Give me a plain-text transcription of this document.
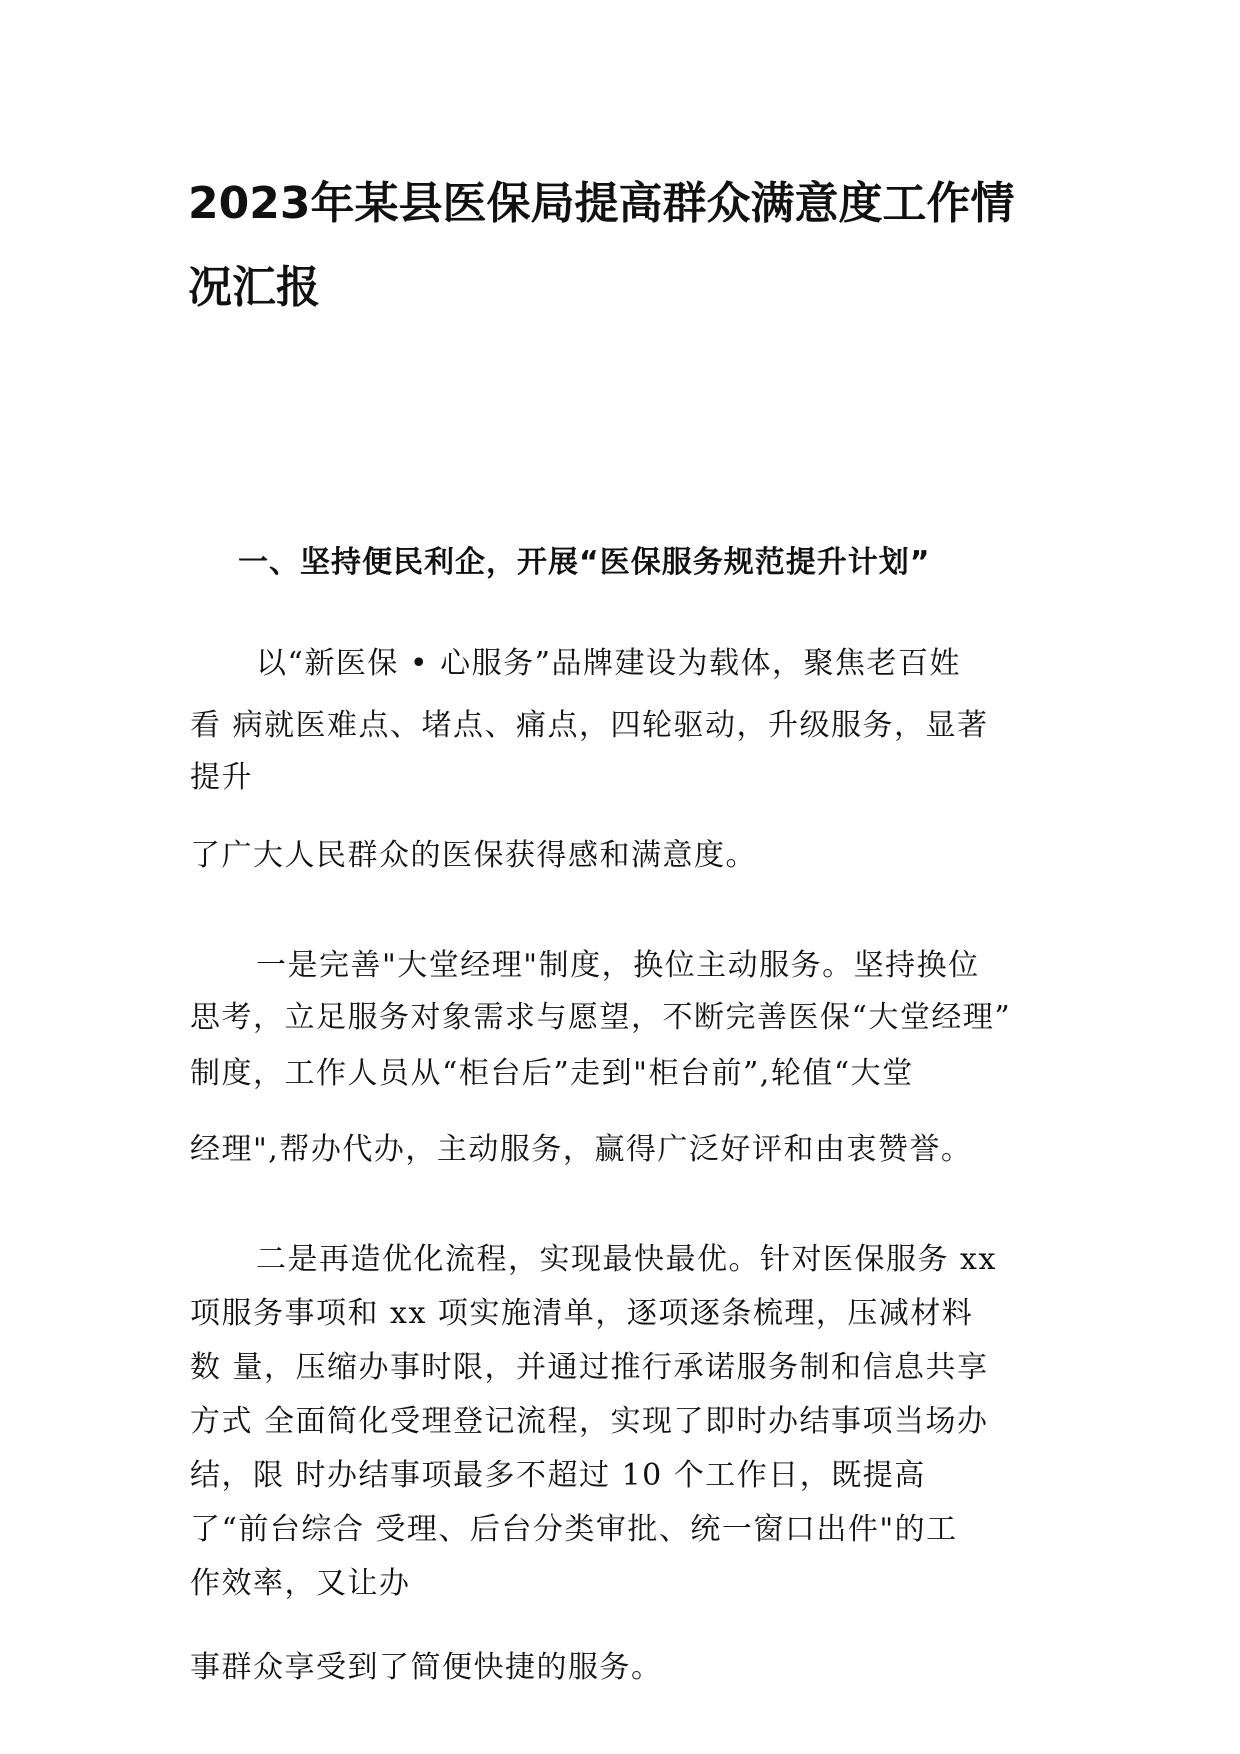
2023年某县医保局提高群众满意度工作情
况汇报
一、坚持便民利企，开展“医保服务规范提升计划”

以“新医保 • 心服务”品牌建设为载体，聚焦老百姓

看 病就医难点、堵点、痛点，四轮驱动，升级服务，显著

提升

了广大人民群众的医保获得感和满意度。

一是完善"大堂经理"制度，换位主动服务。坚持换位

思考，立足服务对象需求与愿望，不断完善医保“大堂经理”

制度，工作人员从“柜台后”走到"柜台前”,轮值“大堂

经理",帮办代办，主动服务，赢得广泛好评和由衷赞誉。

二是再造优化流程，实现最快最优。针对医保服务 xx

项服务事项和 xx 项实施清单，逐项逐条梳理，压减材料

数 量，压缩办事时限，并通过推行承诺服务制和信息共享

方式 全面简化受理登记流程，实现了即时办结事项当场办

结，限 时办结事项最多不超过 10 个工作日，既提高

了“前台综合 受理、后台分类审批、统一窗口出件"的工

作效率，又让办

事群众享受到了简便快捷的服务。
